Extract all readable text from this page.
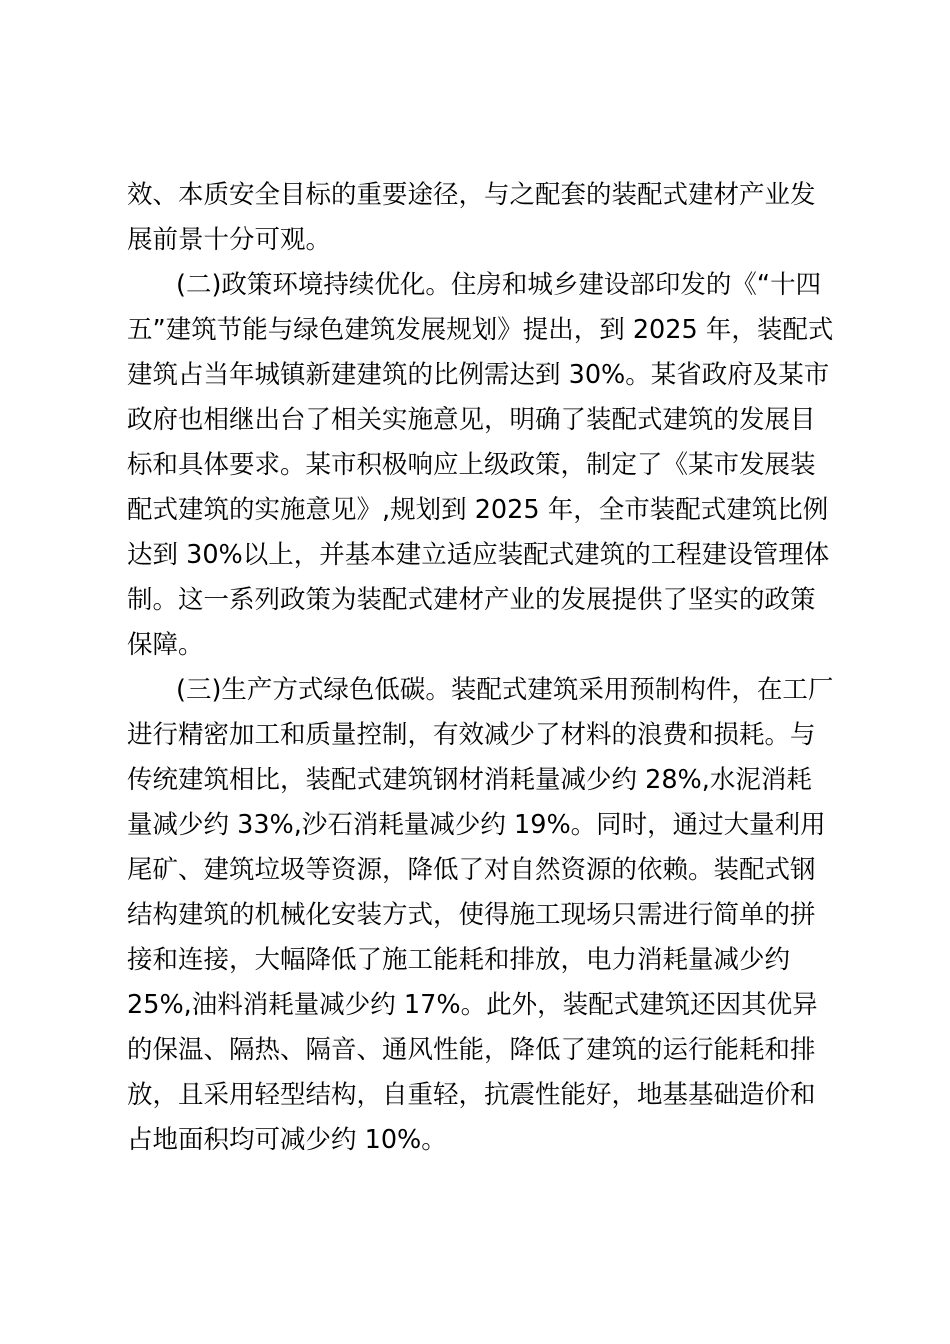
效、本质安全目标的重要途径，与之配套的装配式建材产业发
展前景十分可观。
(二)政策环境持续优化。住房和城乡建设部印发的《“十四
五”建筑节能与绿色建筑发展规划》提出，到 2025 年，装配式
建筑占当年城镇新建建筑的比例需达到 30%。某省政府及某市
政府也相继出台了相关实施意见，明确了装配式建筑的发展目
标和具体要求。某市积极响应上级政策，制定了《某市发展装
配式建筑的实施意见》,规划到 2025 年，全市装配式建筑比例
达到 30%以上，并基本建立适应装配式建筑的工程建设管理体
制。这一系列政策为装配式建材产业的发展提供了坚实的政策
保障。
(三)生产方式绿色低碳。装配式建筑采用预制构件，在工厂
进行精密加工和质量控制，有效减少了材料的浪费和损耗。与
传统建筑相比，装配式建筑钢材消耗量减少约 28%,水泥消耗
量减少约 33%,沙石消耗量减少约 19%。同时，通过大量利用
尾矿、建筑垃圾等资源，降低了对自然资源的依赖。装配式钢
结构建筑的机械化安装方式，使得施工现场只需进行简单的拼
接和连接，大幅降低了施工能耗和排放，电力消耗量减少约
25%,油料消耗量减少约 17%。此外，装配式建筑还因其优异
的保温、隔热、隔音、通风性能，降低了建筑的运行能耗和排
放，且采用轻型结构，自重轻，抗震性能好，地基基础造价和
占地面积均可减少约 10%。
